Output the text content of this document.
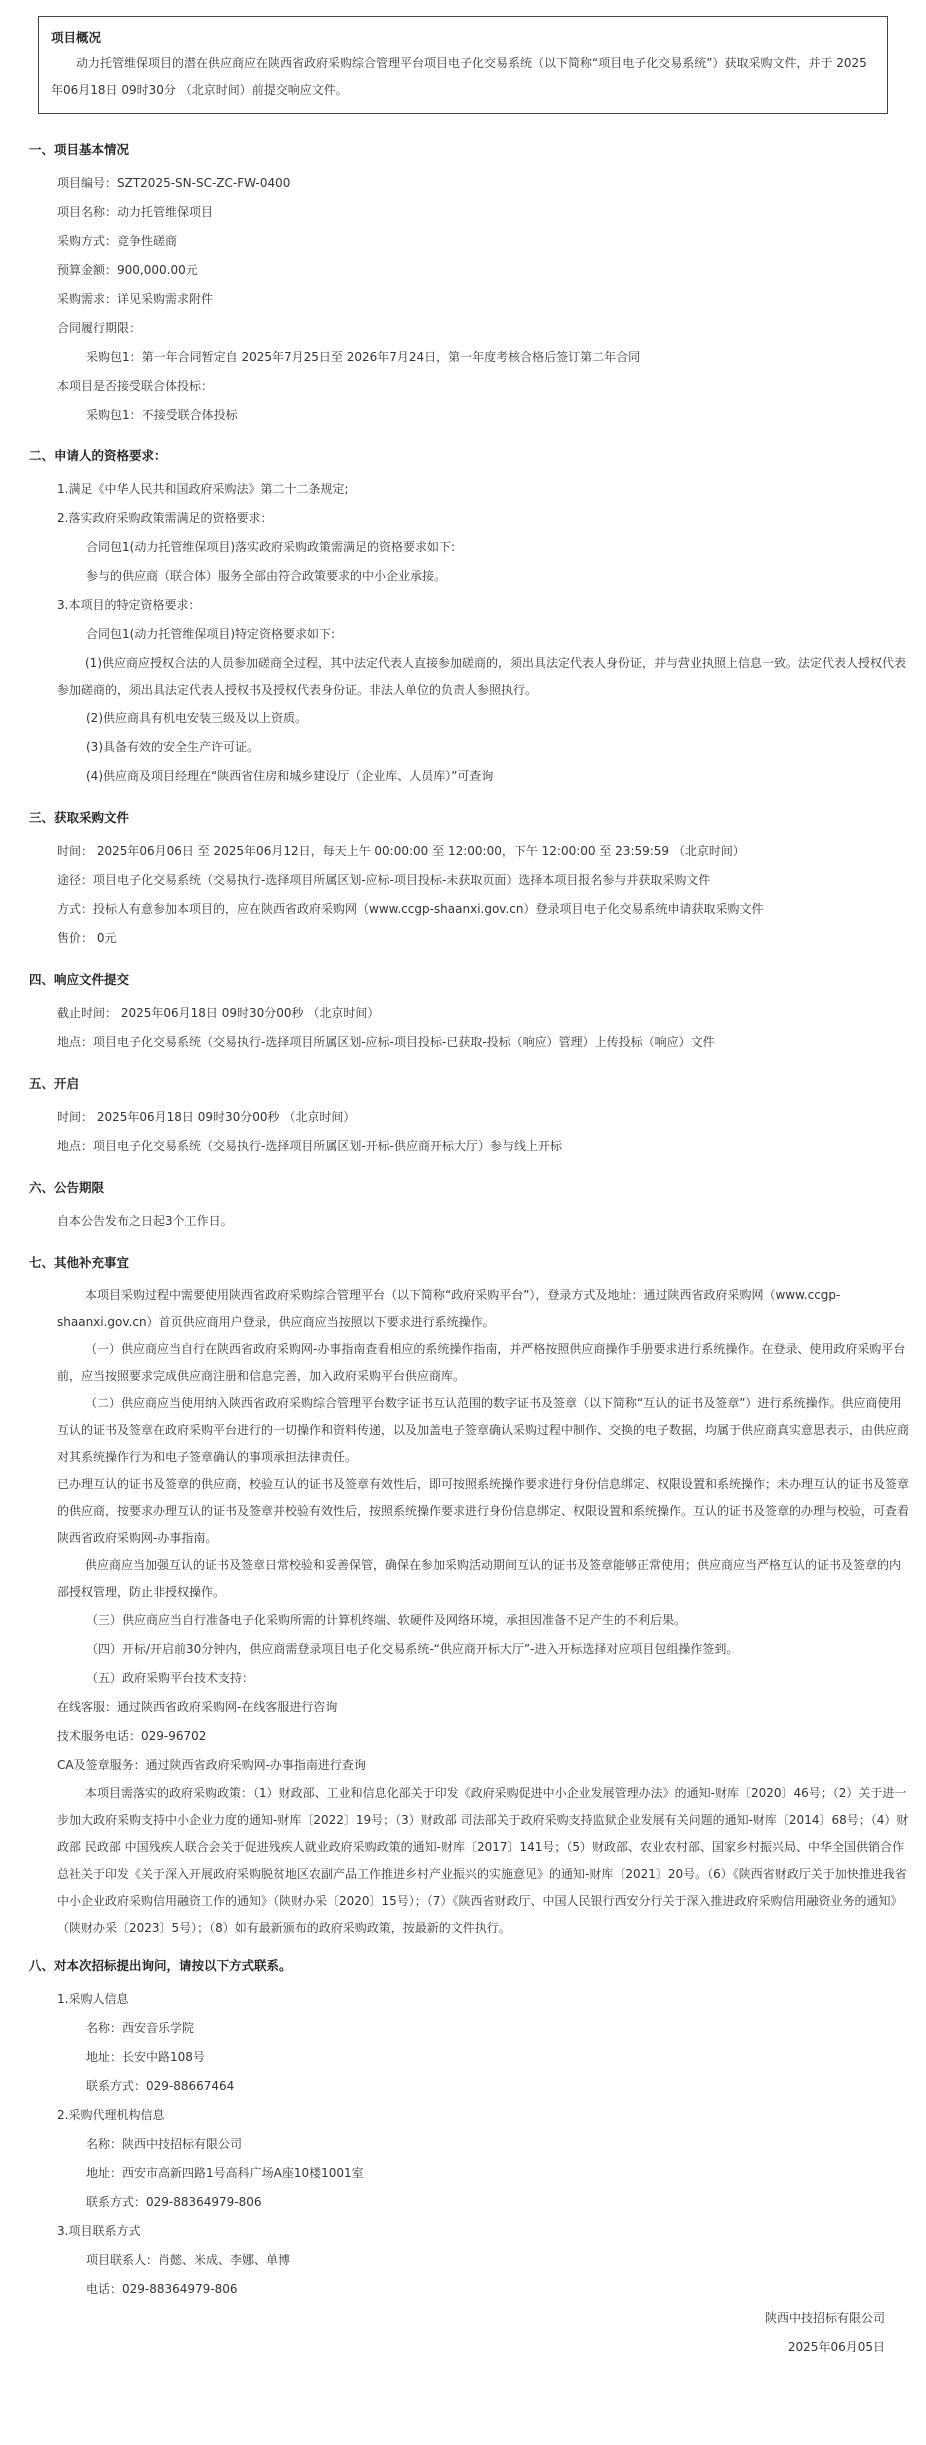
项目概况
动力托管维保项目的潜在供应商应在陕西省政府采购综合管理平台项目电子化交易系统（以下简称“项目电子化交易系统”）获取采购文件，并于 2025年06月18日 09时30分 （北京时间）前提交响应文件。
一、项目基本情况
项目编号：SZT2025-SN-SC-ZC-FW-0400
项目名称：动力托管维保项目
采购方式：竞争性磋商
预算金额：900,000.00元
采购需求：详见采购需求附件
合同履行期限：
采购包1：第一年合同暂定自 2025年7月25日至 2026年7月24日，第一年度考核合格后签订第二年合同
本项目是否接受联合体投标：
采购包1：不接受联合体投标
二、申请人的资格要求：
1.满足《中华人民共和国政府采购法》第二十二条规定;
2.落实政府采购政策需满足的资格要求：
合同包1(动力托管维保项目)落实政府采购政策需满足的资格要求如下:
参与的供应商（联合体）服务全部由符合政策要求的中小企业承接。
3.本项目的特定资格要求：
合同包1(动力托管维保项目)特定资格要求如下:
(1)供应商应授权合法的人员参加磋商全过程，其中法定代表人直接参加磋商的，须出具法定代表人身份证，并与营业执照上信息一致。法定代表人授权代表参加磋商的，须出具法定代表人授权书及授权代表身份证。非法人单位的负责人参照执行。
(2)供应商具有机电安装三级及以上资质。
(3)具备有效的安全生产许可证。
(4)供应商及项目经理在“陕西省住房和城乡建设厅（企业库、人员库）”可查询
三、获取采购文件
时间： 2025年06月06日 至 2025年06月12日，每天上午 00:00:00 至 12:00:00，下午 12:00:00 至 23:59:59 （北京时间）
途径：项目电子化交易系统（交易执行-选择项目所属区划-应标-项目投标-未获取页面）选择本项目报名参与并获取采购文件
方式：投标人有意参加本项目的，应在陕西省政府采购网（www.ccgp-shaanxi.gov.cn）登录项目电子化交易系统申请获取采购文件
售价： 0元
四、响应文件提交
截止时间： 2025年06月18日 09时30分00秒 （北京时间）
地点：项目电子化交易系统（交易执行-选择项目所属区划-应标-项目投标-已获取-投标（响应）管理）上传投标（响应）文件
五、开启
时间： 2025年06月18日 09时30分00秒 （北京时间）
地点：项目电子化交易系统（交易执行-选择项目所属区划-开标-供应商开标大厅）参与线上开标
六、公告期限
自本公告发布之日起3个工作日。
七、其他补充事宜
本项目采购过程中需要使用陕西省政府采购综合管理平台（以下简称“政府采购平台”），登录方式及地址：通过陕西省政府采购网（www.ccgp-shaanxi.gov.cn）首页供应商用户登录，供应商应当按照以下要求进行系统操作。
（一）供应商应当自行在陕西省政府采购网-办事指南查看相应的系统操作指南，并严格按照供应商操作手册要求进行系统操作。在登录、使用政府采购平台前，应当按照要求完成供应商注册和信息完善，加入政府采购平台供应商库。
（二）供应商应当使用纳入陕西省政府采购综合管理平台数字证书互认范围的数字证书及签章（以下简称“互认的证书及签章”）进行系统操作。供应商使用互认的证书及签章在政府采购平台进行的一切操作和资料传递，以及加盖电子签章确认采购过程中制作、交换的电子数据，均属于供应商真实意思表示，由供应商对其系统操作行为和电子签章确认的事项承担法律责任。
已办理互认的证书及签章的供应商，校验互认的证书及签章有效性后，即可按照系统操作要求进行身份信息绑定、权限设置和系统操作；未办理互认的证书及签章的供应商，按要求办理互认的证书及签章并校验有效性后，按照系统操作要求进行身份信息绑定、权限设置和系统操作。互认的证书及签章的办理与校验，可查看陕西省政府采购网-办事指南。
供应商应当加强互认的证书及签章日常校验和妥善保管，确保在参加采购活动期间互认的证书及签章能够正常使用；供应商应当严格互认的证书及签章的内部授权管理，防止非授权操作。
（三）供应商应当自行准备电子化采购所需的计算机终端、软硬件及网络环境，承担因准备不足产生的不利后果。
（四）开标/开启前30分钟内，供应商需登录项目电子化交易系统-“供应商开标大厅”-进入开标选择对应项目包组操作签到。
（五）政府采购平台技术支持：
在线客服：通过陕西省政府采购网-在线客服进行咨询
技术服务电话：029-96702
CA及签章服务：通过陕西省政府采购网-办事指南进行查询
本项目需落实的政府采购政策：（1）财政部、工业和信息化部关于印发《政府采购促进中小企业发展管理办法》的通知-财库〔2020〕46号；（2）关于进一步加大政府采购支持中小企业力度的通知-财库〔2022〕19号；（3）财政部 司法部关于政府采购支持监狱企业发展有关问题的通知-财库〔2014〕68号；（4）财政部 民政部 中国残疾人联合会关于促进残疾人就业政府采购政策的通知-财库〔2017〕141号；（5）财政部、农业农村部、国家乡村振兴局、中华全国供销合作总社关于印发《关于深入开展政府采购脱贫地区农副产品工作推进乡村产业振兴的实施意见》的通知-财库〔2021〕20号。（6）《陕西省财政厅关于加快推进我省中小企业政府采购信用融资工作的通知》（陕财办采〔2020〕15号）；（7）《陕西省财政厅、中国人民银行西安分行关于深入推进政府采购信用融资业务的通知》（陕财办采〔2023〕5号）；（8）如有最新颁布的政府采购政策，按最新的文件执行。
八、对本次招标提出询问，请按以下方式联系。
1.采购人信息
名称：西安音乐学院
地址：长安中路108号
联系方式：029-88667464
2.采购代理机构信息
名称：陕西中技招标有限公司
地址：西安市高新四路1号高科广场A座10楼1001室
联系方式：029-88364979-806
3.项目联系方式
项目联系人：肖懿、米成、李娜、单博
电话：029-88364979-806
陕西中技招标有限公司
2025年06月05日
